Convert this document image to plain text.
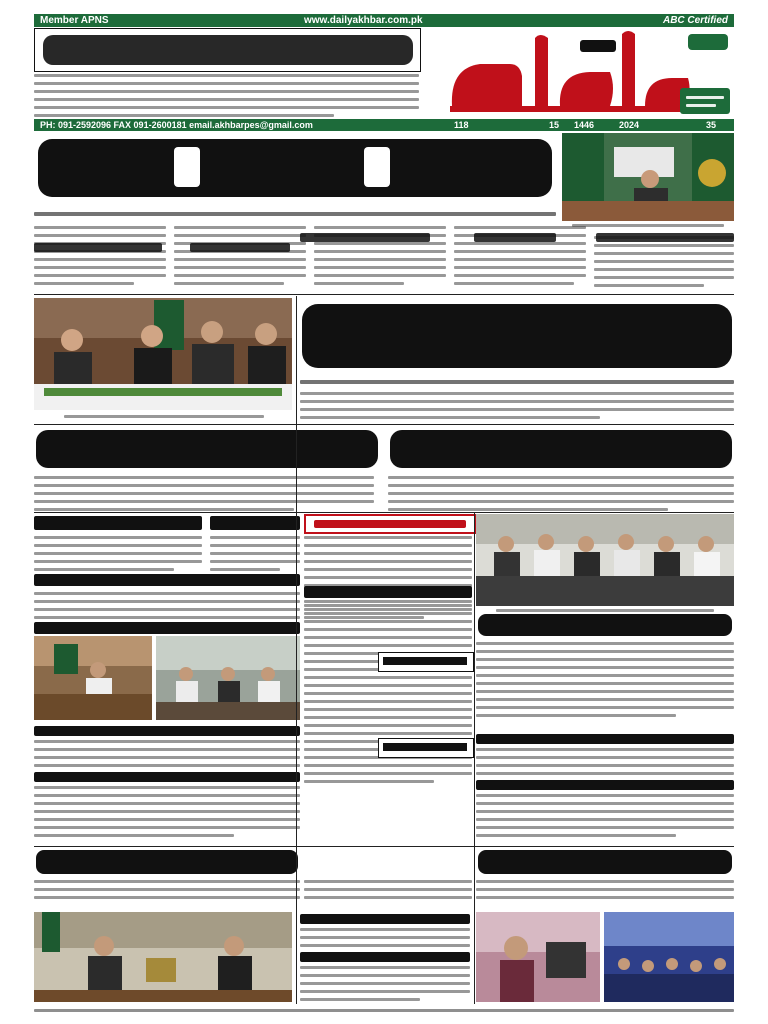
Member APNS	www.dailyakhbar.com.pk	ABC Certified
PH: 091-2592096 FAX 091-2600181 email.akhbarpes@gmail.com	118	15 1446	2024	35
